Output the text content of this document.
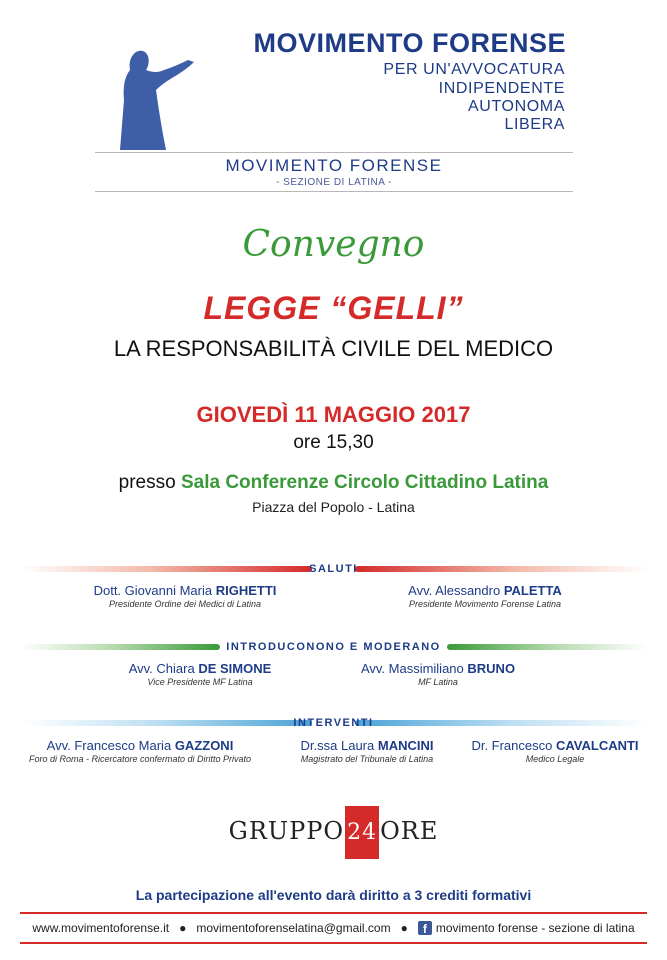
MOVIMENTO FORENSE
PER UN'AVVOCATURA
INDIPENDENTE
AUTONOMA
LIBERA
MOVIMENTO FORENSE
- SEZIONE DI LATINA -
Convegno
LEGGE “GELLI”
LA RESPONSABILITÀ CIVILE DEL MEDICO
GIOVEDÌ 11 MAGGIO 2017
ore 15,30
presso Sala Conferenze Circolo Cittadino Latina
Piazza del Popolo - Latina
SALUTI
Dott. Giovanni Maria RIGHETTI
Presidente Ordine dei Medici di Latina
Avv. Alessandro PALETTA
Presidente Movimento Forense Latina
INTRODUCONONO E MODERANO
Avv. Chiara DE SIMONE
Vice Presidente MF Latina
Avv. Massimiliano BRUNO
MF Latina
INTERVENTI
Avv. Francesco Maria GAZZONI
Foro di Roma - Ricercatore confermato di Diritto Privato
Dr.ssa Laura MANCINI
Magistrato del Tribunale di Latina
Dr. Francesco CAVALCANTI
Medico Legale
GRUPPO 24 ORE
La partecipazione all'evento darà diritto a 3 crediti formativi
www.movimentoforense.it ● movimentoforenselatina@gmail.com ●	f movimento forense - sezione di latina
